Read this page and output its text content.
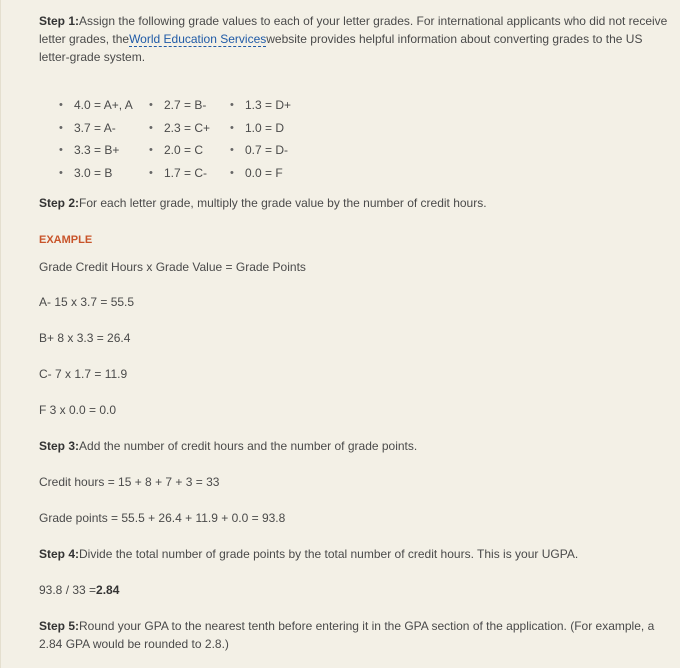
Step 1:Assign the following grade values to each of your letter grades. For international applicants who did not receive letter grades, theWorld Education Serviceswebsite provides helpful information about converting grades to the US letter-grade system.

• 4.0 = A+, A
• 3.7 = A-
• 3.3 = B+
• 3.0 = B
• 2.7 = B-
• 2.3 = C+
• 2.0 = C
• 1.7 = C-
• 1.3 = D+
• 1.0 = D
• 0.7 = D-
• 0.0 = F

Step 2:For each letter grade, multiply the grade value by the number of credit hours.

EXAMPLE

Grade Credit Hours x Grade Value = Grade Points

A- 15 x 3.7 = 55.5

B+ 8 x 3.3 = 26.4

C- 7 x 1.7 = 11.9

F 3 x 0.0 = 0.0

Step 3:Add the number of credit hours and the number of grade points.

Credit hours = 15 + 8 + 7 + 3 = 33

Grade points = 55.5 + 26.4 + 11.9 + 0.0 = 93.8

Step 4:Divide the total number of grade points by the total number of credit hours. This is your UGPA.

93.8 / 33 =2.84

Step 5:Round your GPA to the nearest tenth before entering it in the GPA section of the application. (For example, a 2.84 GPA would be rounded to 2.8.)
